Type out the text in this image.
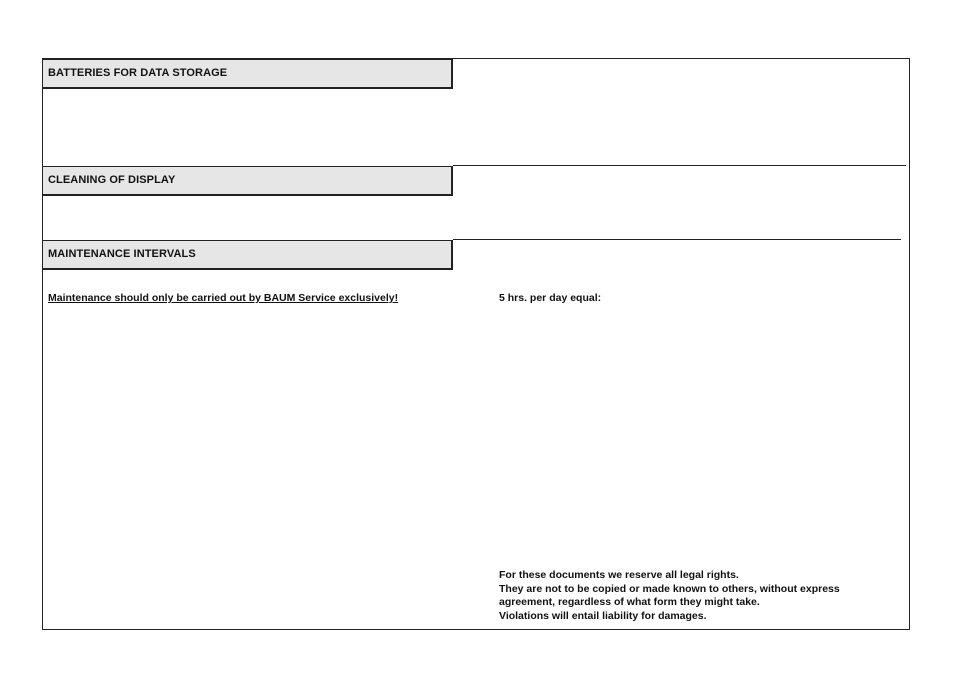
BATTERIES FOR DATA STORAGE
CLEANING OF DISPLAY
MAINTENANCE INTERVALS
Maintenance should only be carried out by BAUM Service exclusively!	5 hrs. per day equal:
For these documents we reserve all legal rights.
They are not to be copied or made known to others, without express
agreement, regardless of what form they might take.
Violations will entail liability for damages.
